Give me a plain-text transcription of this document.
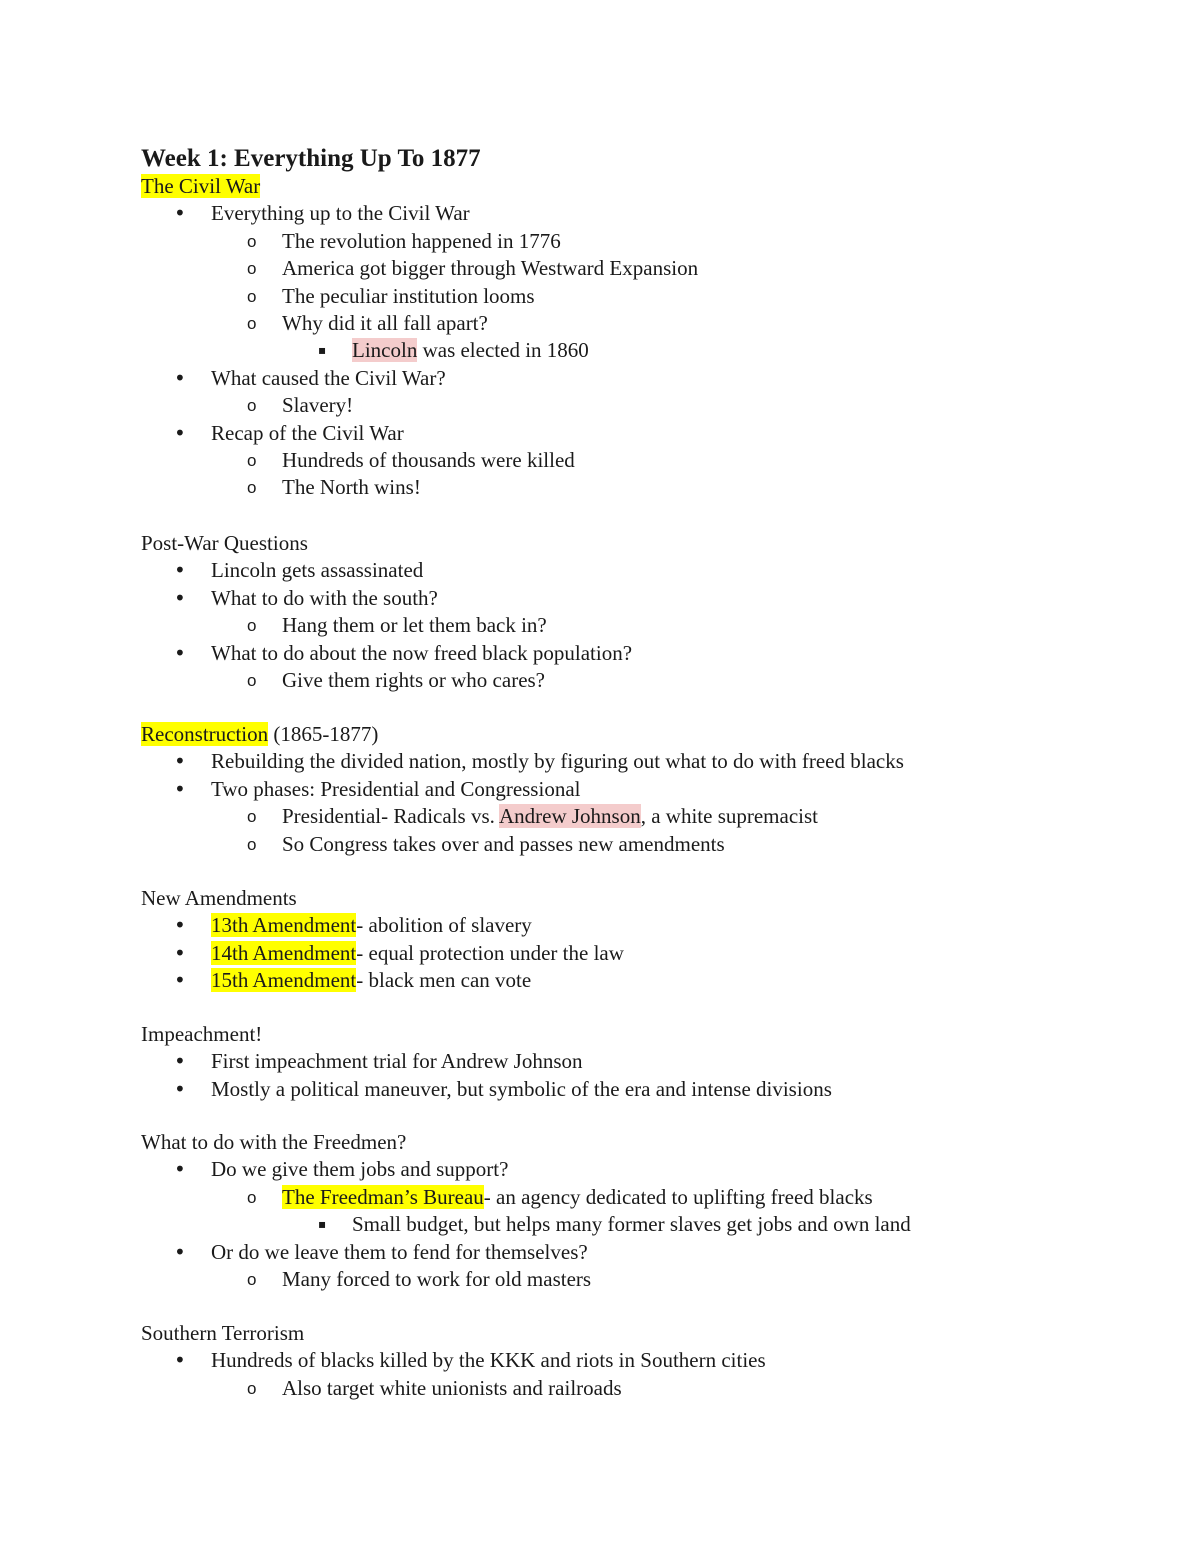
Week 1: Everything Up To 1877
The Civil War
• Everything up to the Civil War
o The revolution happened in 1776
o America got bigger through Westward Expansion
o The peculiar institution looms
o Why did it all fall apart?
▪ Lincoln was elected in 1860
• What caused the Civil War?
o Slavery!
• Recap of the Civil War
o Hundreds of thousands were killed
o The North wins!
Post-War Questions
• Lincoln gets assassinated
• What to do with the south?
o Hang them or let them back in?
• What to do about the now freed black population?
o Give them rights or who cares?
Reconstruction (1865-1877)
• Rebuilding the divided nation, mostly by figuring out what to do with freed blacks
• Two phases: Presidential and Congressional
o Presidential- Radicals vs. Andrew Johnson, a white supremacist
o So Congress takes over and passes new amendments
New Amendments
• 13th Amendment- abolition of slavery
• 14th Amendment- equal protection under the law
• 15th Amendment- black men can vote
Impeachment!
• First impeachment trial for Andrew Johnson
• Mostly a political maneuver, but symbolic of the era and intense divisions
What to do with the Freedmen?
• Do we give them jobs and support?
o The Freedman’s Bureau- an agency dedicated to uplifting freed blacks
▪ Small budget, but helps many former slaves get jobs and own land
• Or do we leave them to fend for themselves?
o Many forced to work for old masters
Southern Terrorism
• Hundreds of blacks killed by the KKK and riots in Southern cities
o Also target white unionists and railroads
